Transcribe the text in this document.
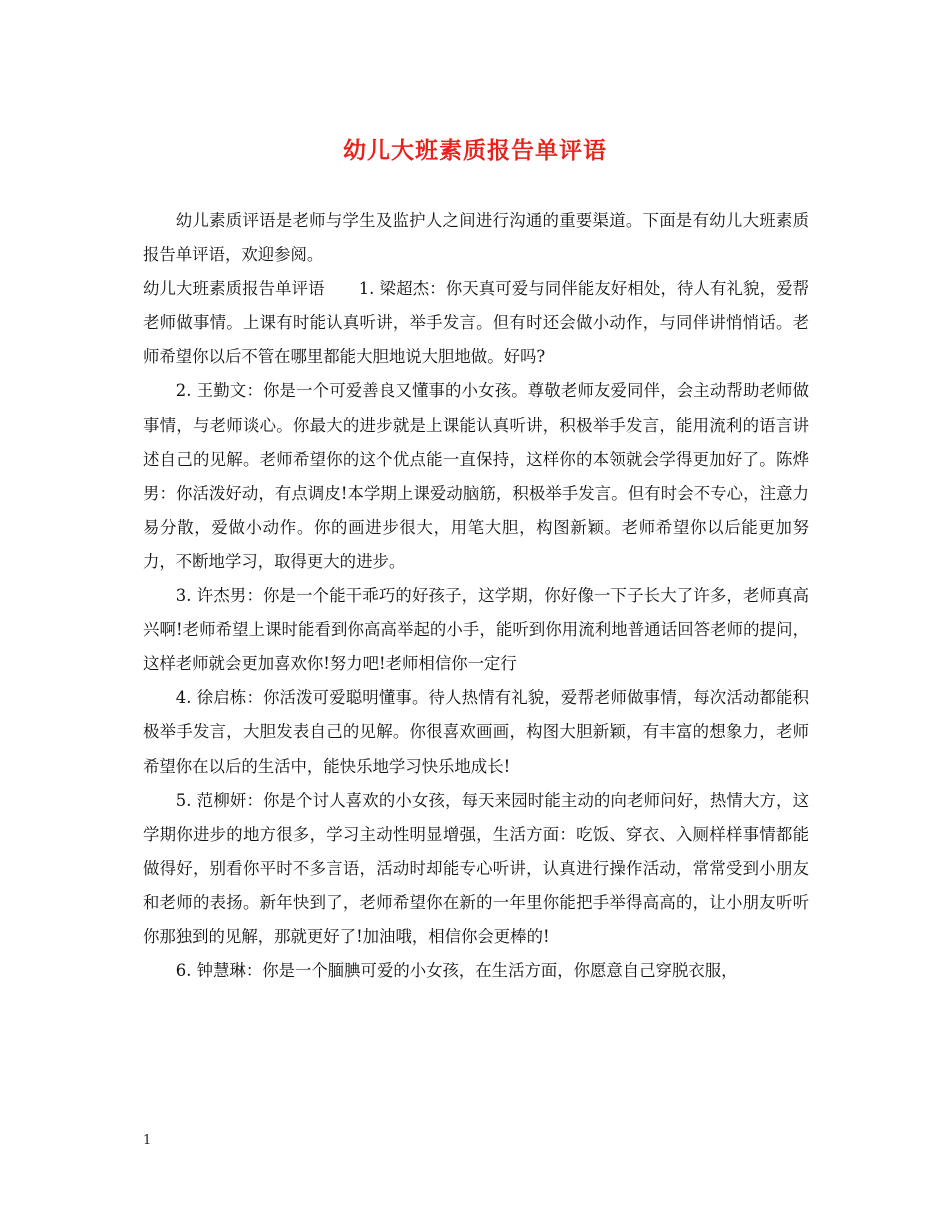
幼儿大班素质报告单评语

幼儿素质评语是老师与学生及监护人之间进行沟通的重要渠道。下面是有幼儿大班素质报告单评语，欢迎参阅。

幼儿大班素质报告单评语 1. 梁超杰：你天真可爱与同伴能友好相处，待人有礼貌，爱帮老师做事情。上课有时能认真听讲，举手发言。但有时还会做小动作，与同伴讲悄悄话。老师希望你以后不管在哪里都能大胆地说大胆地做。好吗?

2. 王勤文：你是一个可爱善良又懂事的小女孩。尊敬老师友爱同伴，会主动帮助老师做事情，与老师谈心。你最大的进步就是上课能认真听讲，积极举手发言，能用流利的语言讲述自己的见解。老师希望你的这个优点能一直保持，这样你的本领就会学得更加好了。陈烨男：你活泼好动，有点调皮!本学期上课爱动脑筋，积极举手发言。但有时会不专心，注意力易分散，爱做小动作。你的画进步很大，用笔大胆，构图新颖。老师希望你以后能更加努力，不断地学习，取得更大的进步。

3. 许杰男：你是一个能干乖巧的好孩子，这学期，你好像一下子长大了许多，老师真高兴啊!老师希望上课时能看到你高高举起的小手，能听到你用流利地普通话回答老师的提问，这样老师就会更加喜欢你!努力吧!老师相信你一定行

4. 徐启栋：你活泼可爱聪明懂事。待人热情有礼貌，爱帮老师做事情，每次活动都能积极举手发言，大胆发表自己的见解。你很喜欢画画，构图大胆新颖，有丰富的想象力，老师希望你在以后的生活中，能快乐地学习快乐地成长!

5. 范柳妍：你是个讨人喜欢的小女孩，每天来园时能主动的向老师问好，热情大方，这学期你进步的地方很多，学习主动性明显增强，生活方面：吃饭、穿衣、入厕样样事情都能做得好，别看你平时不多言语，活动时却能专心听讲，认真进行操作活动，常常受到小朋友和老师的表扬。新年快到了，老师希望你在新的一年里你能把手举得高高的，让小朋友听听你那独到的见解，那就更好了!加油哦，相信你会更棒的!

6. 钟慧琳：你是一个腼腆可爱的小女孩，在生活方面，你愿意自己穿脱衣服，

1
